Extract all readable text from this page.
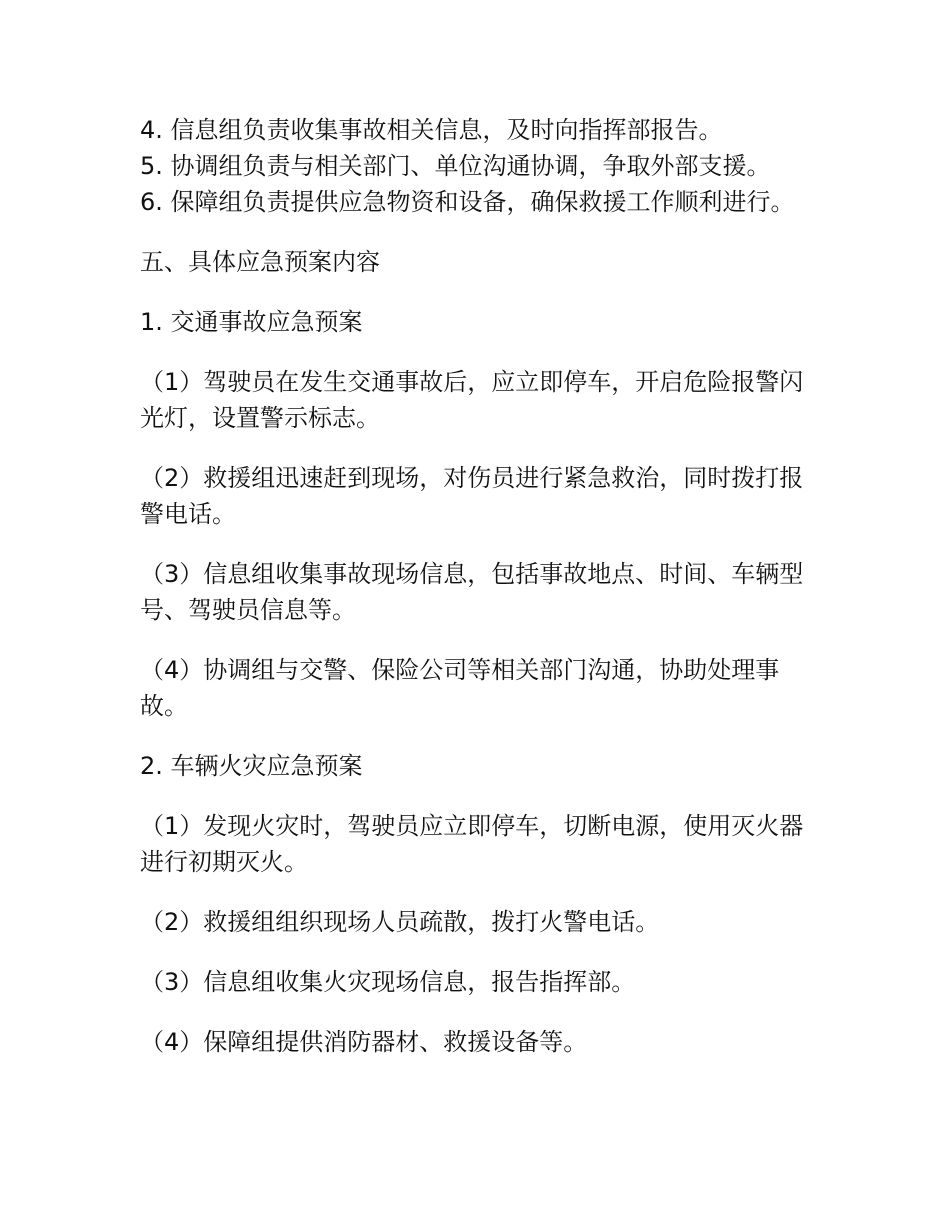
4. 信息组负责收集事故相关信息，及时向指挥部报告。

5. 协调组负责与相关部门、单位沟通协调，争取外部支援。

6. 保障组负责提供应急物资和设备，确保救援工作顺利进行。

五、具体应急预案内容

1. 交通事故应急预案

（1）驾驶员在发生交通事故后，应立即停车，开启危险报警闪光灯，设置警示标志。

（2）救援组迅速赶到现场，对伤员进行紧急救治，同时拨打报警电话。

（3）信息组收集事故现场信息，包括事故地点、时间、车辆型号、驾驶员信息等。

（4）协调组与交警、保险公司等相关部门沟通，协助处理事故。

2. 车辆火灾应急预案

（1）发现火灾时，驾驶员应立即停车，切断电源，使用灭火器进行初期灭火。

（2）救援组组织现场人员疏散，拨打火警电话。

（3）信息组收集火灾现场信息，报告指挥部。

（4）保障组提供消防器材、救援设备等。
